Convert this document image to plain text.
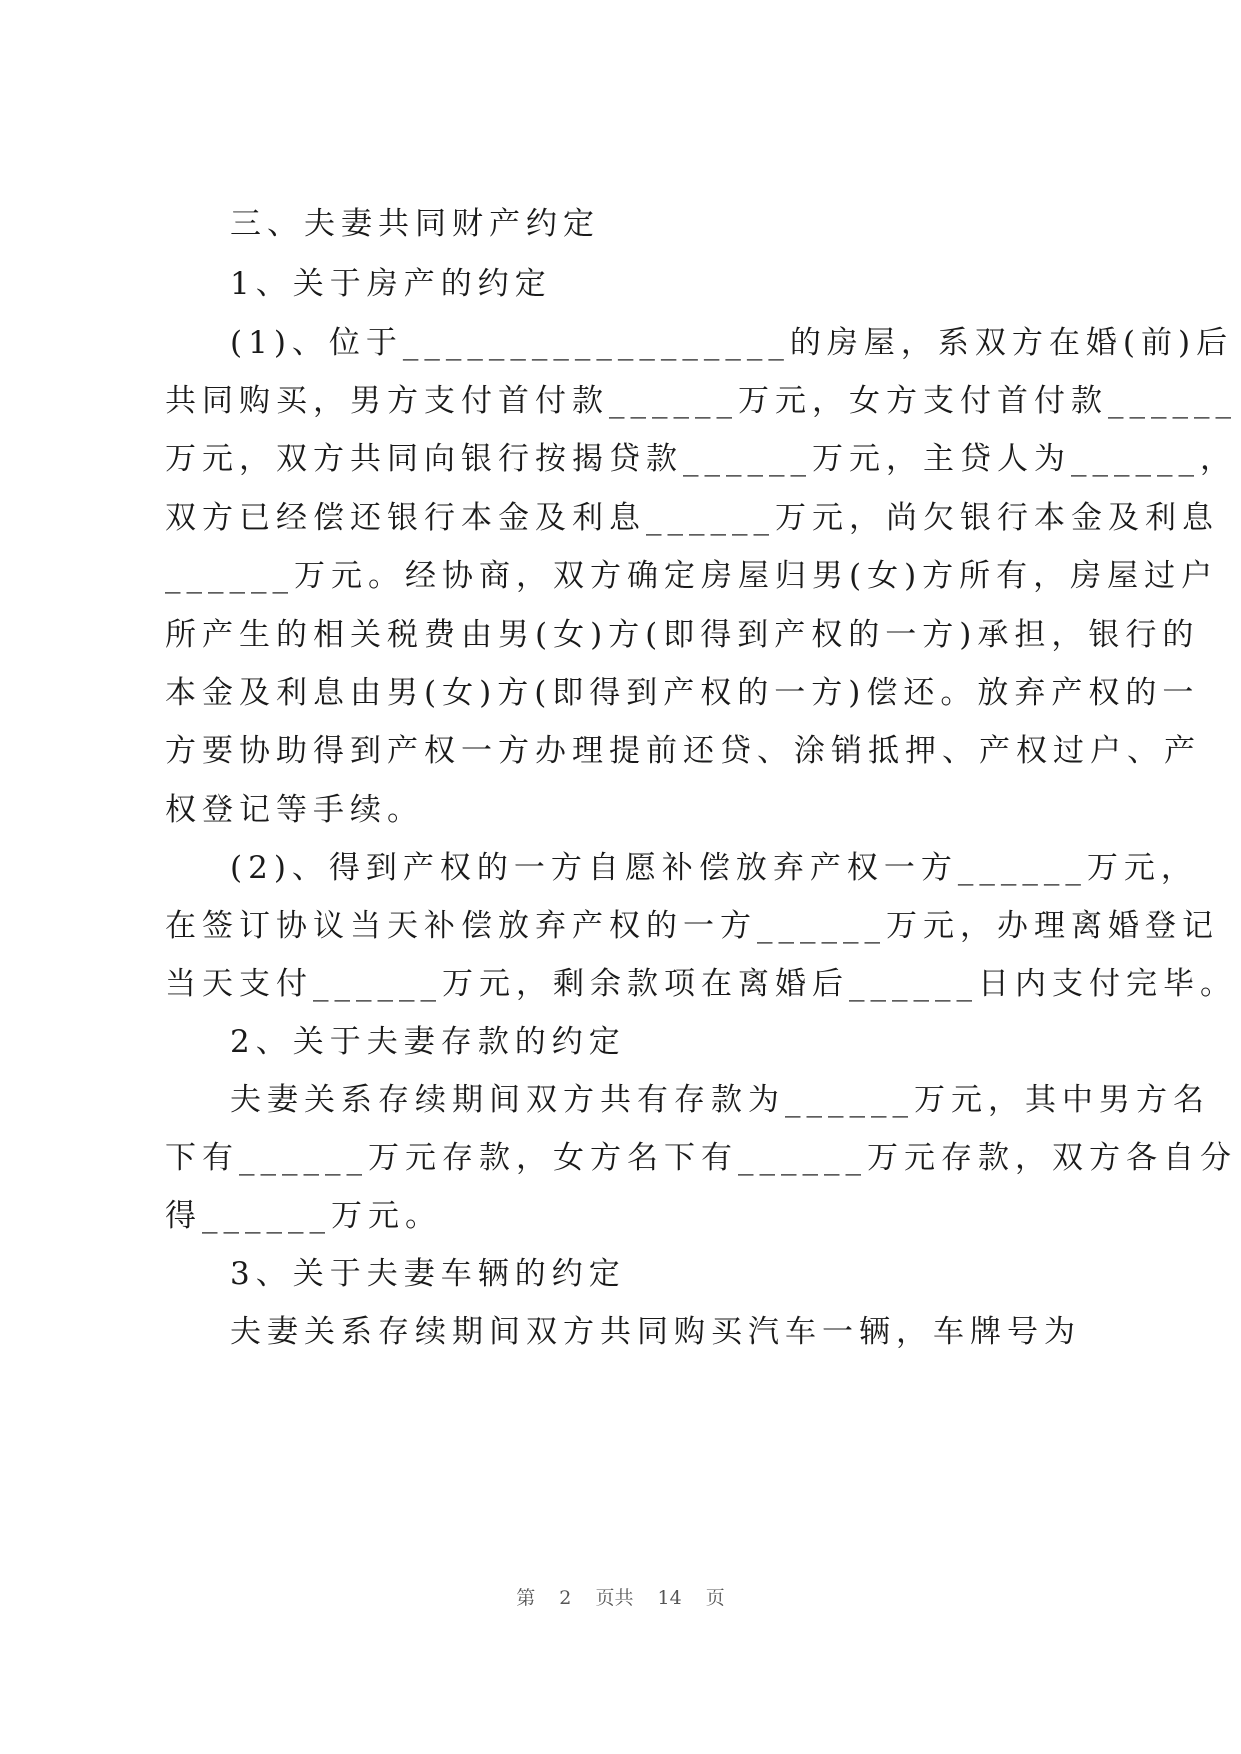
三、夫妻共同财产约定
1、关于房产的约定
(1)、位于__________________的房屋，系双方在婚(前)后
共同购买，男方支付首付款______万元，女方支付首付款______
万元，双方共同向银行按揭贷款______万元，主贷人为______，
双方已经偿还银行本金及利息______万元，尚欠银行本金及利息
______万元。经协商，双方确定房屋归男(女)方所有，房屋过户
所产生的相关税费由男(女)方(即得到产权的一方)承担，银行的
本金及利息由男(女)方(即得到产权的一方)偿还。放弃产权的一
方要协助得到产权一方办理提前还贷、涂销抵押、产权过户、产
权登记等手续。
(2)、得到产权的一方自愿补偿放弃产权一方______万元，
在签订协议当天补偿放弃产权的一方______万元，办理离婚登记
当天支付______万元，剩余款项在离婚后______日内支付完毕。
2、关于夫妻存款的约定
夫妻关系存续期间双方共有存款为______万元，其中男方名
下有______万元存款，女方名下有______万元存款，双方各自分
得______万元。
3、关于夫妻车辆的约定
夫妻关系存续期间双方共同购买汽车一辆，车牌号为
第 2 页共 14 页
